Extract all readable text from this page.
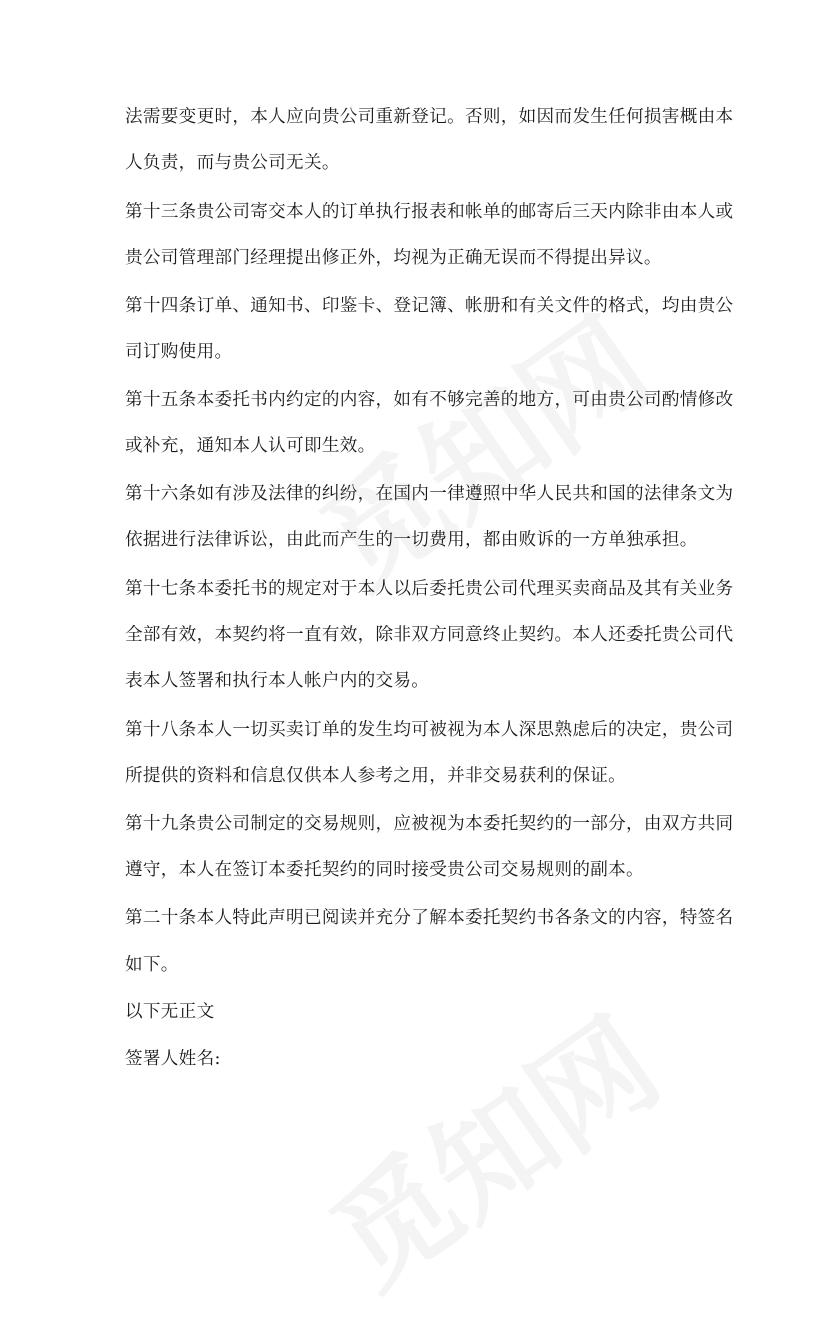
法需要变更时，本人应向贵公司重新登记。否则，如因而发生任何损害概由本
人负责，而与贵公司无关。
第十三条贵公司寄交本人的订单执行报表和帐单的邮寄后三天内除非由本人或
贵公司管理部门经理提出修正外，均视为正确无误而不得提出异议。
第十四条订单、通知书、印鉴卡、登记簿、帐册和有关文件的格式，均由贵公
司订购使用。
第十五条本委托书内约定的内容，如有不够完善的地方，可由贵公司酌情修改
或补充，通知本人认可即生效。
第十六条如有涉及法律的纠纷，在国内一律遵照中华人民共和国的法律条文为
依据进行法律诉讼，由此而产生的一切费用，都由败诉的一方单独承担。
第十七条本委托书的规定对于本人以后委托贵公司代理买卖商品及其有关业务
全部有效，本契约将一直有效，除非双方同意终止契约。本人还委托贵公司代
表本人签署和执行本人帐户内的交易。
第十八条本人一切买卖订单的发生均可被视为本人深思熟虑后的决定，贵公司
所提供的资料和信息仅供本人参考之用，并非交易获利的保证。
第十九条贵公司制定的交易规则，应被视为本委托契约的一部分，由双方共同
遵守，本人在签订本委托契约的同时接受贵公司交易规则的副本。
第二十条本人特此声明已阅读并充分了解本委托契约书各条文的内容，特签名
如下。
以下无正文
签署人姓名:
